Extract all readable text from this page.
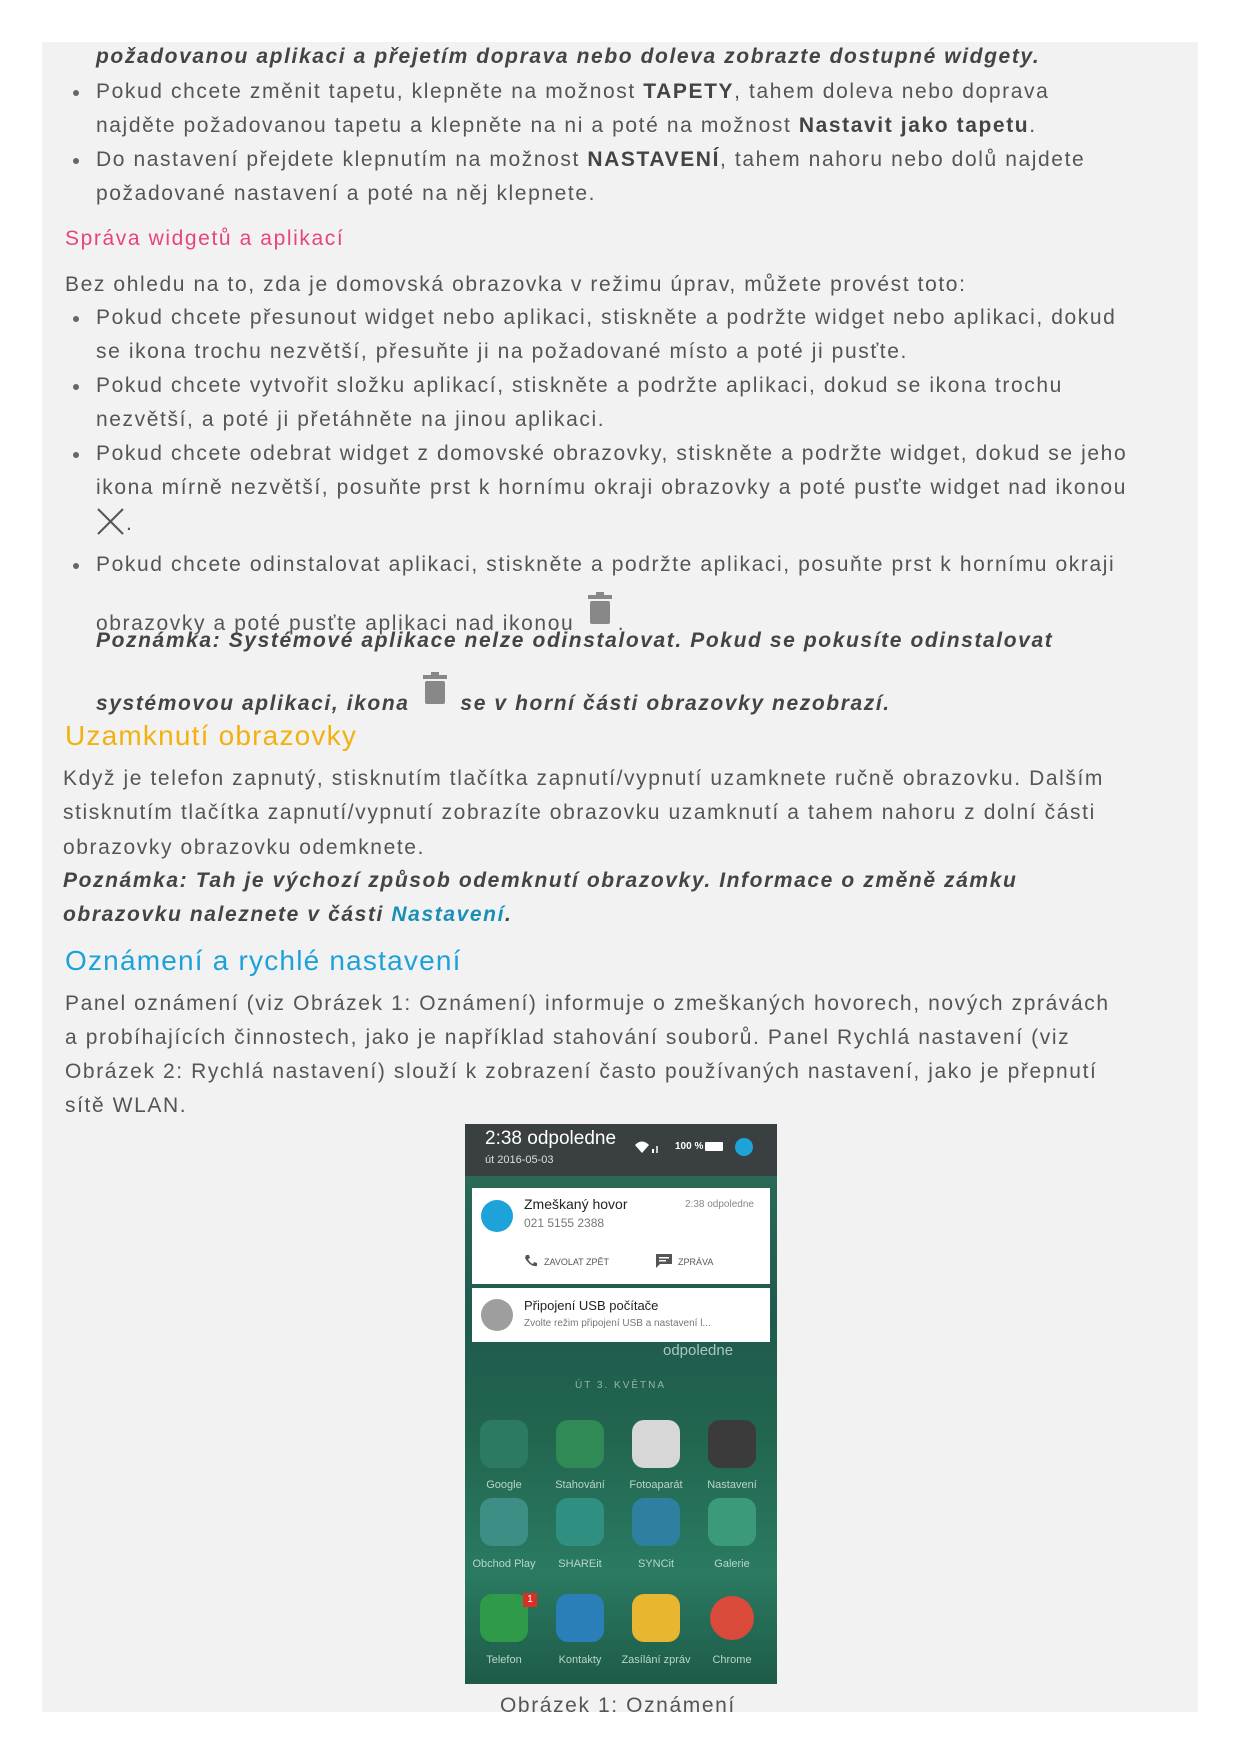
požadovanou aplikaci a přejetím doprava nebo doleva zobrazte dostupné widgety.
Pokud chcete změnit tapetu, klepněte na možnost TAPETY, tahem doleva nebo doprava
najděte požadovanou tapetu a klepněte na ni a poté na možnost Nastavit jako tapetu.
Do nastavení přejdete klepnutím na možnost NASTAVENÍ, tahem nahoru nebo dolů najdete
požadované nastavení a poté na něj klepnete.
Správa widgetů a aplikací
Bez ohledu na to, zda je domovská obrazovka v režimu úprav, můžete provést toto:
Pokud chcete přesunout widget nebo aplikaci, stiskněte a podržte widget nebo aplikaci, dokud
se ikona trochu nezvětší, přesuňte ji na požadované místo a poté ji pusťte.
Pokud chcete vytvořit složku aplikací, stiskněte a podržte aplikaci, dokud se ikona trochu
nezvětší, a poté ji přetáhněte na jinou aplikaci.
Pokud chcete odebrat widget z domovské obrazovky, stiskněte a podržte widget, dokud se jeho
ikona mírně nezvětší, posuňte prst k hornímu okraji obrazovky a poté pusťte widget nad ikonou
.
Pokud chcete odinstalovat aplikaci, stiskněte a podržte aplikaci, posuňte prst k hornímu okraji
obrazovky a poté pusťte aplikaci nad ikonou .
Poznámka: Systémové aplikace nelze odinstalovat. Pokud se pokusíte odinstalovat
systémovou aplikaci, ikona se v horní části obrazovky nezobrazí.
Uzamknutí obrazovky
Když je telefon zapnutý, stisknutím tlačítka zapnutí/vypnutí uzamknete ručně obrazovku. Dalším
stisknutím tlačítka zapnutí/vypnutí zobrazíte obrazovku uzamknutí a tahem nahoru z dolní části
obrazovky obrazovku odemknete.
Poznámka: Tah je výchozí způsob odemknutí obrazovky. Informace o změně zámku
obrazovku naleznete v části Nastavení.
Oznámení a rychlé nastavení
Panel oznámení (viz Obrázek 1: Oznámení) informuje o zmeškaných hovorech, nových zprávách
a probíhajících činnostech, jako je například stahování souborů. Panel Rychlá nastavení (viz
Obrázek 2: Rychlá nastavení) slouží k zobrazení často používaných nastavení, jako je přepnutí
sítě WLAN.
2:38 odpoledne
út 2016-05-03
100 %
Zmeškaný hovor
021 5155 2388
2:38 odpoledne
ZAVOLAT ZPĚT	ZPRÁVA
Připojení USB počítače
Zvolte režim připojení USB a nastavení l...
odpoledne
ÚT 3. KVĚTNA
Google	Stahování	Fotoaparát	Nastavení
Obchod Play	SHAREit	SYNCit	Galerie
1
Telefon	Kontakty	Zasílání zpráv	Chrome
Obrázek 1: Oznámení
